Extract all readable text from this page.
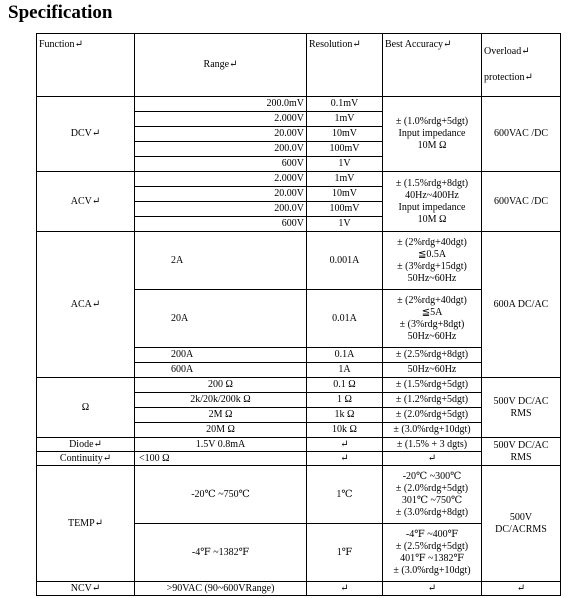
Specification
Function↵	Range↵	Resolution↵	Best Accuracy↵	Overload↵
protection↵

DCV↵	200.0mV	0.1mV	± (1.0%rdg+5dgt)
Input impedance
10M Ω	600VAC /DC
	2.000V	1mV		
	20.00V	10mV		
	200.0V	100mV		
	600V	1V		
ACV↵	2.000V	1mV	± (1.5%rdg+8dgt)
40Hz~400Hz
Input impedance
10M Ω	600VAC /DC
	20.00V	10mV		
	200.0V	100mV		
	600V	1V		
ACA↵	2A	0.001A	± (2%rdg+40dgt)
≦0.5A
± (3%rdg+15dgt)
50Hz~60Hz	600A DC/AC
	20A	0.01A	± (2%rdg+40dgt)
≦5A
± (3%rdg+8dgt)
50Hz~60Hz	

	200A	0.1A	± (2.5%rdg+8dgt)	
	600A	1A	50Hz~60Hz	
Ω	200 Ω	0.1 Ω	± (1.5%rdg+5dgt)	500V DC/AC
RMS

	2k/20k/200k Ω	1 Ω	± (1.2%rdg+5dgt)	
	2M Ω	1k Ω	± (2.0%rdg+5dgt)	
	20M Ω	10k Ω	± (3.0%rdg+10dgt)	
Diode↵	1.5V 0.8mA	↵	± (1.5% + 3 dgts)	500V DC/AC
RMS

Continuity↵	<100 Ω	↵	↵	
TEMP↵	-20℃ ~750℃	1℃	-20℃ ~300℃
± (2.0%rdg+5dgt)
301℃ ~750℃
± (3.0%rdg+8dgt)	500V
DC/ACRMS

	-4℉ ~1382℉	1℉	-4℉ ~400℉
± (2.5%rdg+5dgt)
401℉ ~1382℉
± (3.0%rdg+10dgt)	

NCV↵	>90VAC (90~600VRange)	↵	↵	↵
